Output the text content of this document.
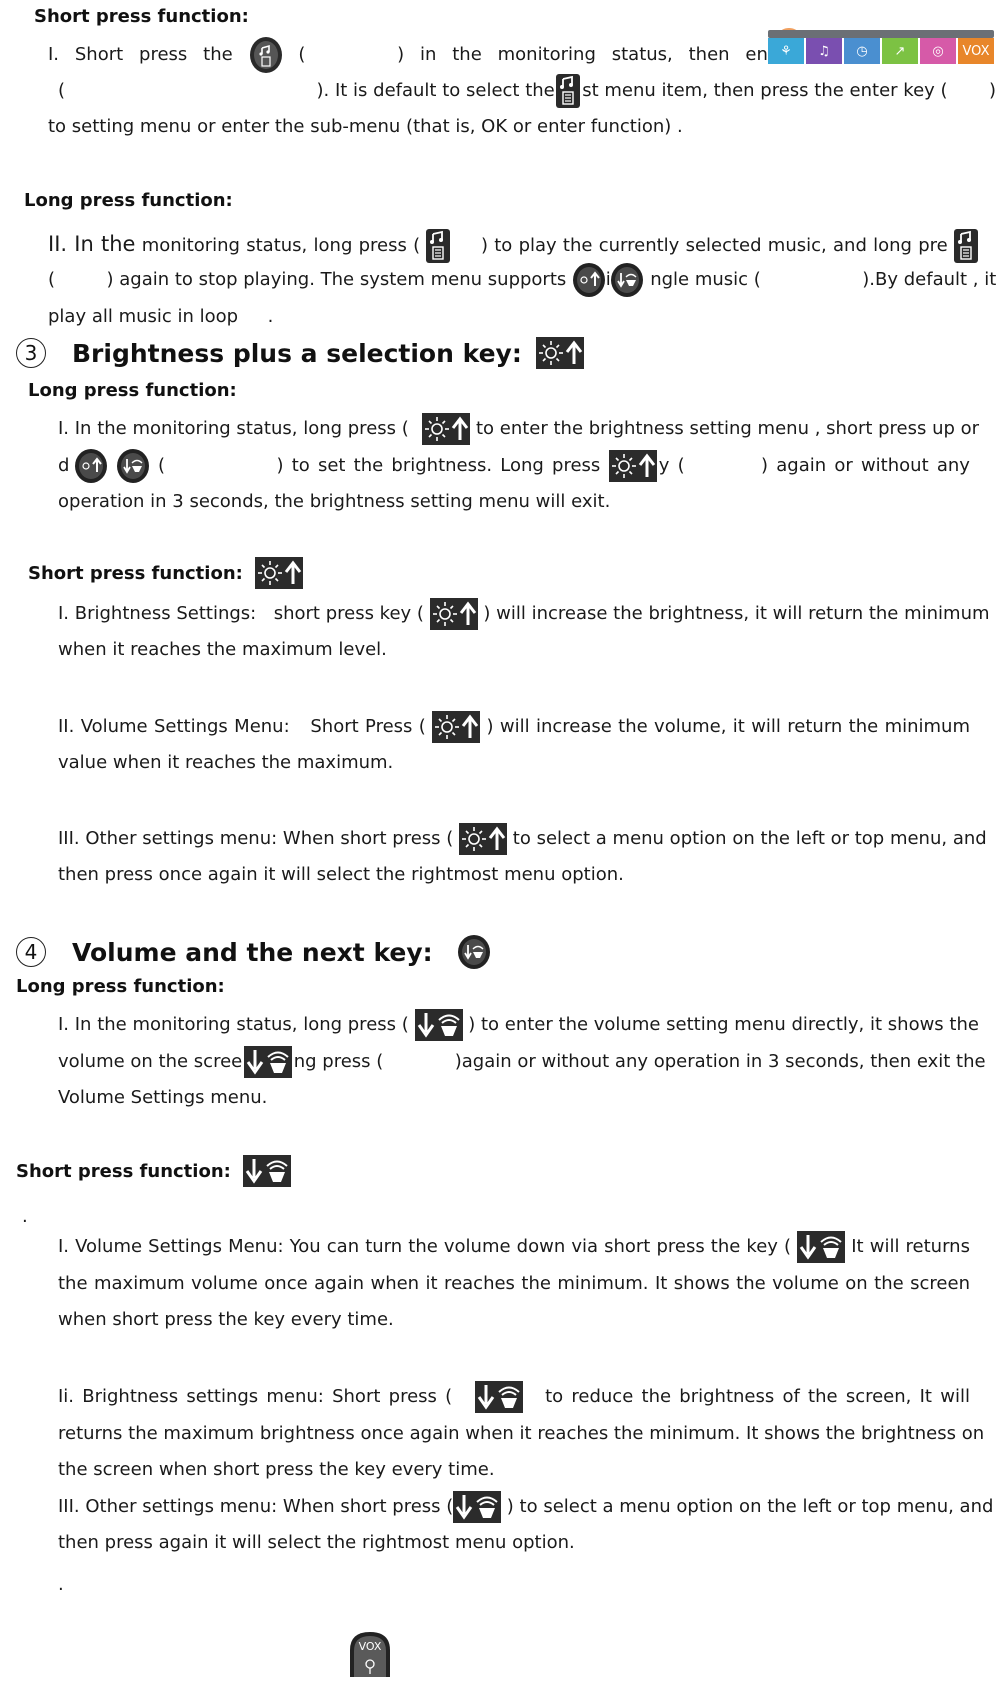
Short press function:
I. Short press the	(	) in the monitoring status, then en ⚘	♫	◷	↗	◎	VOX
(	). It is default to select the st menu item, then press the enter key ( )
to setting menu or enter the sub-menu (that is, OK or enter function) .
Long press function:
II. In the monitoring status, long press (	) to play the currently selected music, and long pre
(	) again to stop playing. The system menu supports i ngle music (	).By default , it
play all music in loop .
3	Brightness plus a selection key:
Long press function:
I. In the monitoring status, long press (	to enter the brightness setting menu , short press up or
d
	(	) to set the brightness. Long press	y (	) again or without any
operation in 3 seconds, the brightness setting menu will exit.
Short press function:
I. Brightness Settings: short press key (	) will increase the brightness, it will return the minimum
when it reaches the maximum level.
II. Volume Settings Menu: Short Press (	) will increase the volume, it will return the minimum
value when it reaches the maximum.
III. Other settings menu: When short press (	to select a menu option on the left or top menu, and
then press once again it will select the rightmost menu option.
4	Volume and the next key:
Long press function:
I. In the monitoring status, long press (	) to enter the volume setting menu directly, it shows the
volume on the scree	ng press (	)again or without any operation in 3 seconds, then exit the
Volume Settings menu.
Short press function:
.
I. Volume Settings Menu: You can turn the volume down via short press the key (	It will returns
the maximum volume once again when it reaches the minimum. It shows the volume on the screen
when short press the key every time.
Ii. Brightness settings menu: Short press (	to reduce the brightness of the screen, It will
returns the maximum brightness once again when it reaches the minimum. It shows the brightness on
the screen when short press the key every time.
III. Other settings menu: When short press (	) to select a menu option on the left or top menu, and
then press again it will select the rightmost menu option.
.
VOX
